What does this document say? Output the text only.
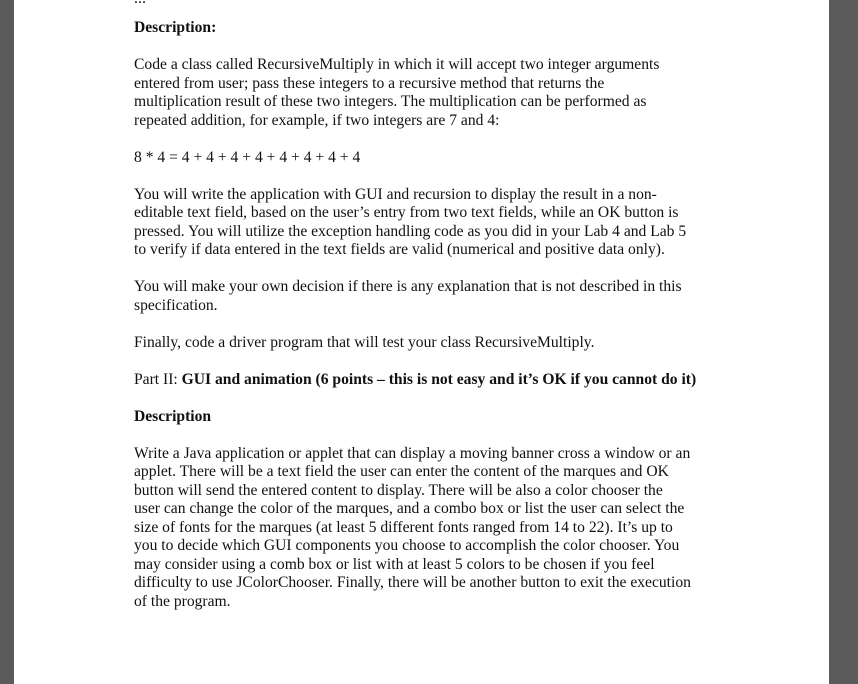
Description:

Code a class called RecursiveMultiply in which it will accept two integer arguments

entered from user; pass these integers to a recursive method that returns the

multiplication result of these two integers. The multiplication can be performed as

repeated addition, for example, if two integers are 7 and 4:

8 * 4 = 4 + 4 + 4 + 4 + 4 + 4 + 4 + 4

You will write the application with GUI and recursion to display the result in a non-

editable text field, based on the user’s entry from two text fields, while an OK button is

pressed. You will utilize the exception handling code as you did in your Lab 4 and Lab 5

to verify if data entered in the text fields are valid (numerical and positive data only).

You will make your own decision if there is any explanation that is not described in this

specification.

Finally, code a driver program that will test your class RecursiveMultiply.

Part II: GUI and animation (6 points – this is not easy and it’s OK if you cannot do it)

Description

Write a Java application or applet that can display a moving banner cross a window or an

applet. There will be a text field the user can enter the content of the marques and OK

button will send the entered content to display. There will be also a color chooser the

user can change the color of the marques, and a combo box or list the user can select the

size of fonts for the marques (at least 5 different fonts ranged from 14 to 22). It’s up to

you to decide which GUI components you choose to accomplish the color chooser. You

may consider using a comb box or list with at least 5 colors to be chosen if you feel

difficulty to use JColorChooser. Finally, there will be another button to exit the execution

of the program.
